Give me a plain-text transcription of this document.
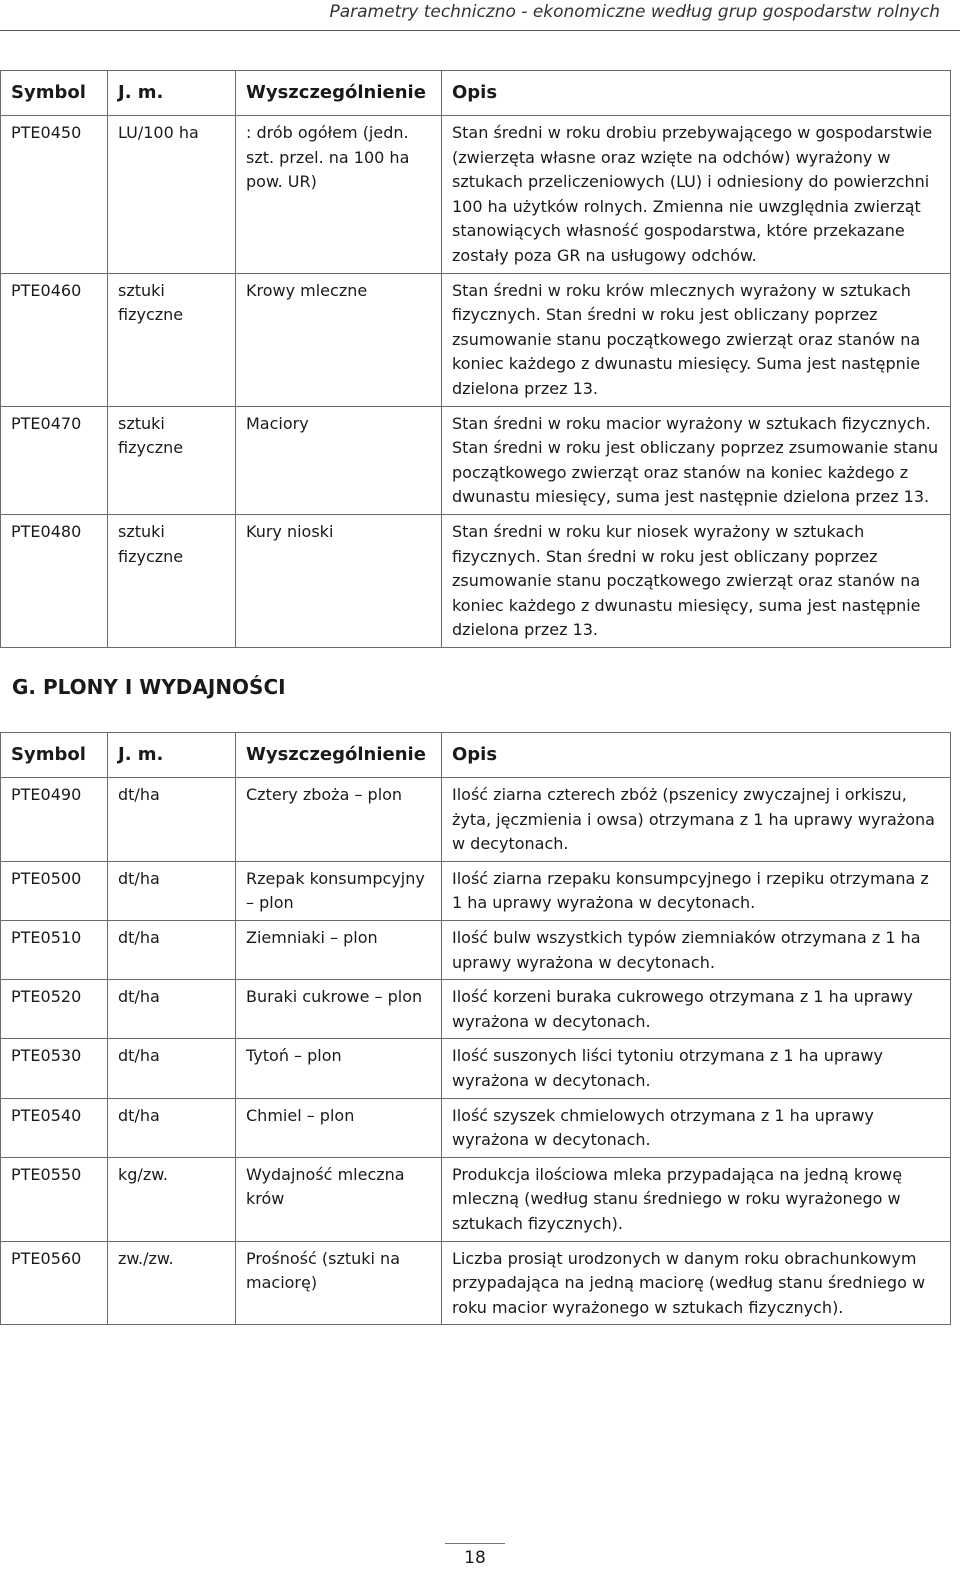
Parametry techniczno - ekonomiczne według grup gospodarstw rolnych
Symbol	J. m.	Wyszczególnienie	Opis
PTE0450	LU/100 ha	: drób ogółem (jedn. szt. przel. na 100 ha pow. UR)	Stan średni w roku drobiu przebywającego w gospodarstwie (zwierzęta własne oraz wzięte na odchów) wyrażony w sztukach przeliczeniowych (LU) i odniesiony do powierzchni 100 ha użytków rolnych. Zmienna nie uwzględnia zwierząt stanowiących własność gospodarstwa, które przekazane zostały poza GR na usługowy odchów.
PTE0460	sztuki fizyczne	Krowy mleczne	Stan średni w roku krów mlecznych wyrażony w sztukach fizycznych. Stan średni w roku jest obliczany poprzez zsumowanie stanu początkowego zwierząt oraz stanów na koniec każdego z dwunastu miesięcy. Suma jest następnie dzielona przez 13.
PTE0470	sztuki fizyczne	Maciory	Stan średni w roku macior wyrażony w sztukach fizycznych. Stan średni w roku jest obliczany poprzez zsumowanie stanu początkowego zwierząt oraz stanów na koniec każdego z dwunastu miesięcy, suma jest następnie dzielona przez 13.
PTE0480	sztuki fizyczne	Kury nioski	Stan średni w roku kur niosek wyrażony w sztukach fizycznych. Stan średni w roku jest obliczany poprzez zsumowanie stanu początkowego zwierząt oraz stanów na koniec każdego z dwunastu miesięcy, suma jest następnie dzielona przez 13.
G. PLONY I WYDAJNOŚCI
Symbol	J. m.	Wyszczególnienie	Opis
PTE0490	dt/ha	Cztery zboża – plon	Ilość ziarna czterech zbóż (pszenicy zwyczajnej i orkiszu, żyta, jęczmienia i owsa) otrzymana z 1 ha uprawy wyrażona w decytonach.
PTE0500	dt/ha	Rzepak konsumpcyjny – plon	Ilość ziarna rzepaku konsumpcyjnego i rzepiku otrzymana z 1 ha uprawy wyrażona w decytonach.
PTE0510	dt/ha	Ziemniaki – plon	Ilość bulw wszystkich typów ziemniaków otrzymana z 1 ha uprawy wyrażona w decytonach.
PTE0520	dt/ha	Buraki cukrowe – plon	Ilość korzeni buraka cukrowego otrzymana z 1 ha uprawy wyrażona w decytonach.
PTE0530	dt/ha	Tytoń – plon	Ilość suszonych liści tytoniu otrzymana z 1 ha uprawy wyrażona w decytonach.
PTE0540	dt/ha	Chmiel – plon	Ilość szyszek chmielowych otrzymana z 1 ha uprawy wyrażona w decytonach.
PTE0550	kg/zw.	Wydajność mleczna krów	Produkcja ilościowa mleka przypadająca na jedną krowę mleczną (według stanu średniego w roku wyrażonego w sztukach fizycznych).
PTE0560	zw./zw.	Prośność (sztuki na maciorę)	Liczba prosiąt urodzonych w danym roku obrachunkowym przypadająca na jedną maciorę (według stanu średniego w roku macior wyrażonego w sztukach fizycznych).
18
